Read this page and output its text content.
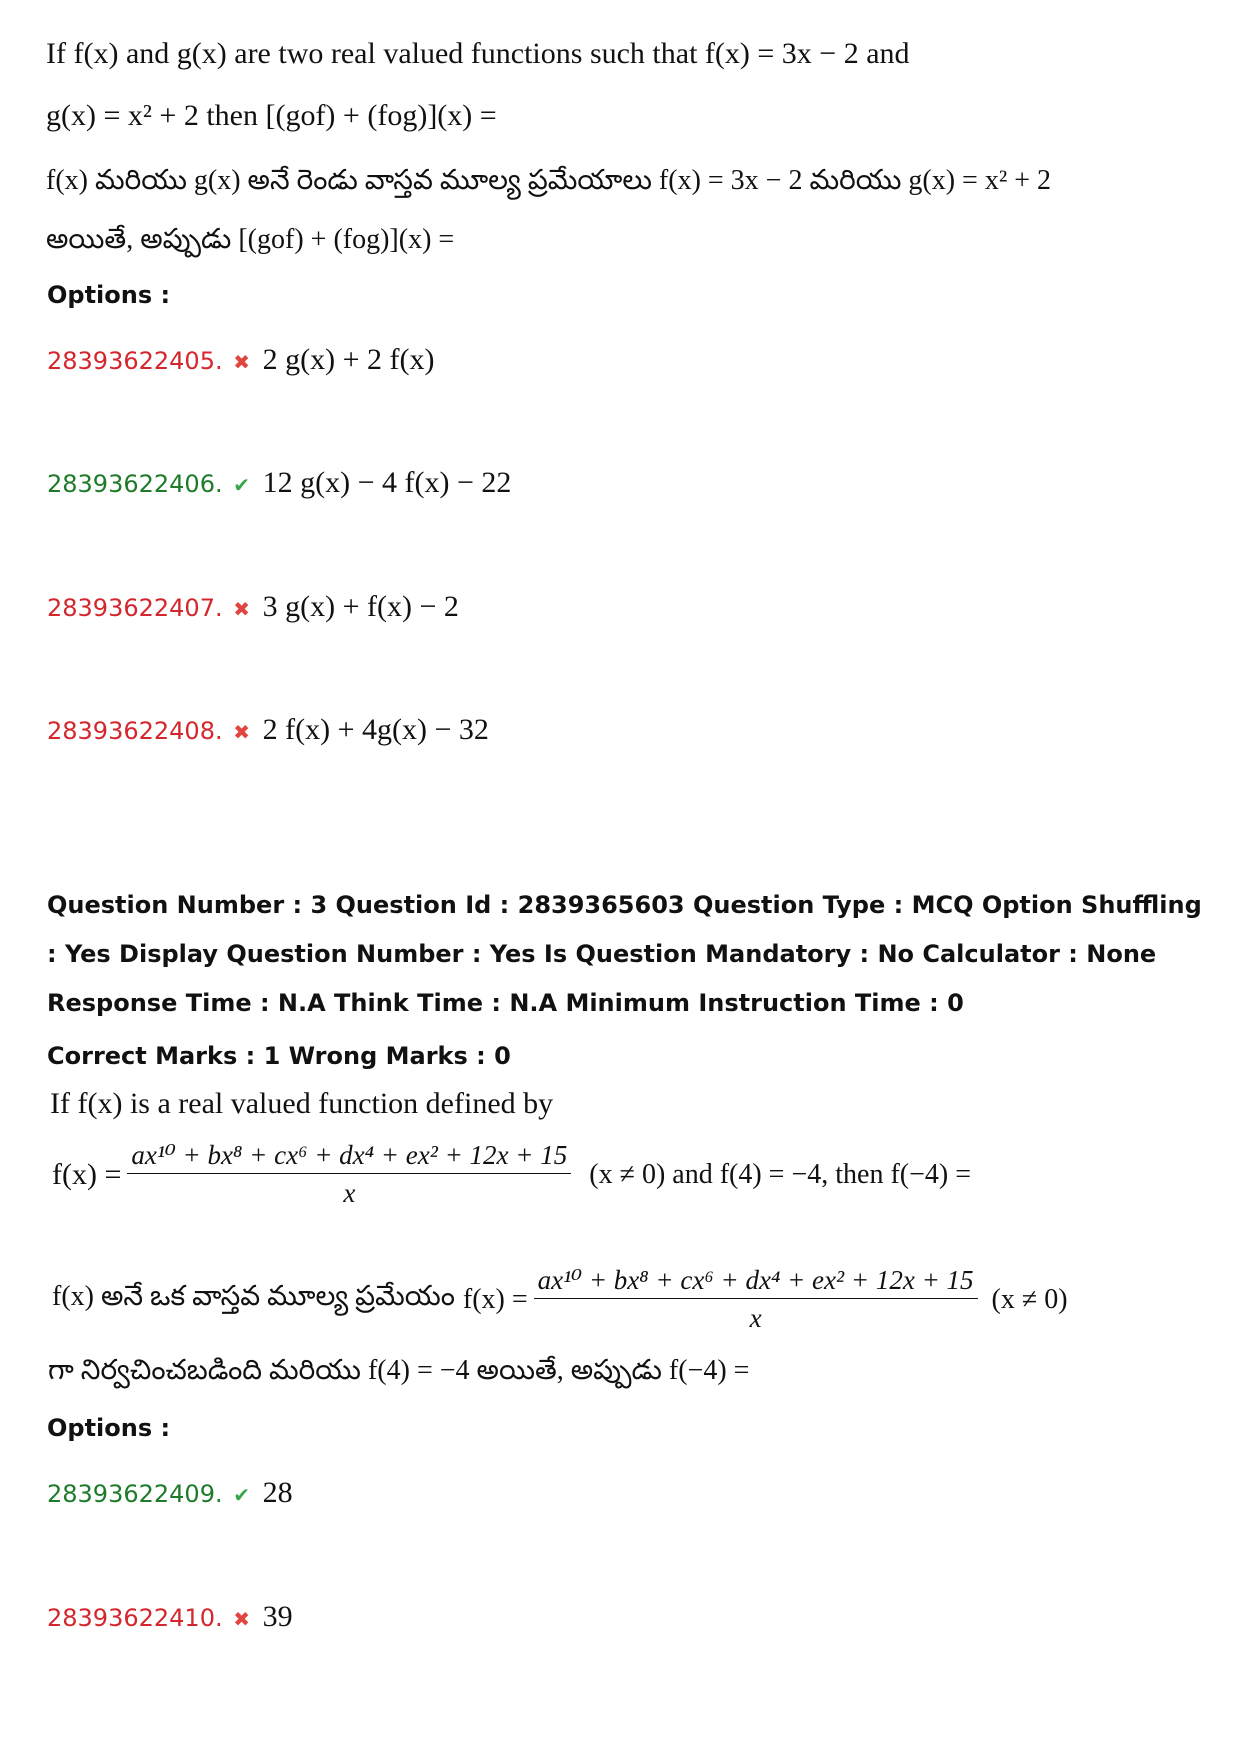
If f(x) and g(x) are two real valued functions such that f(x) = 3x − 2 and
g(x) = x² + 2 then [(gof) + (fog)](x) =
f(x) మరియు g(x) అనే రెండు వాస్తవ మూల్య ప్రమేయాలు f(x) = 3x − 2 మరియు g(x) = x² + 2
అయితే, అప్పుడు [(gof) + (fog)](x) =
Options :
28393622405. ✖ 2 g(x) + 2 f(x)
28393622406. ✔ 12 g(x) − 4 f(x) − 22
28393622407. ✖ 3 g(x) + f(x) − 2
28393622408. ✖ 2 f(x) + 4g(x) − 32
Question Number : 3 Question Id : 2839365603 Question Type : MCQ Option Shuffling : Yes Display Question Number : Yes Is Question Mandatory : No Calculator : None Response Time : N.A Think Time : N.A Minimum Instruction Time : 0
Correct Marks : 1 Wrong Marks : 0
If f(x) is a real valued function defined by
$f(x) = \frac{\text{ax¹⁰ + bx⁸ + cx⁶ + dx⁴ + ex² + 12x + 15}}{x} (x \ne 0)$ and f(4) = −4, then f(−4) =
f(x) అనే ఒక వాస్తవ మూల్య ప్రమేయం $f(x) = \frac{\text{ax¹⁰ + bx⁸ + cx⁶ + dx⁴ + ex² + 12x + 15}}{x} (x \ne 0)$
గా నిర్వచించబడింది మరియు f(4) = −4 అయితే, అప్పుడు f(−4) =
Options :
28393622409. ✔ 28
28393622410. ✖ 39
